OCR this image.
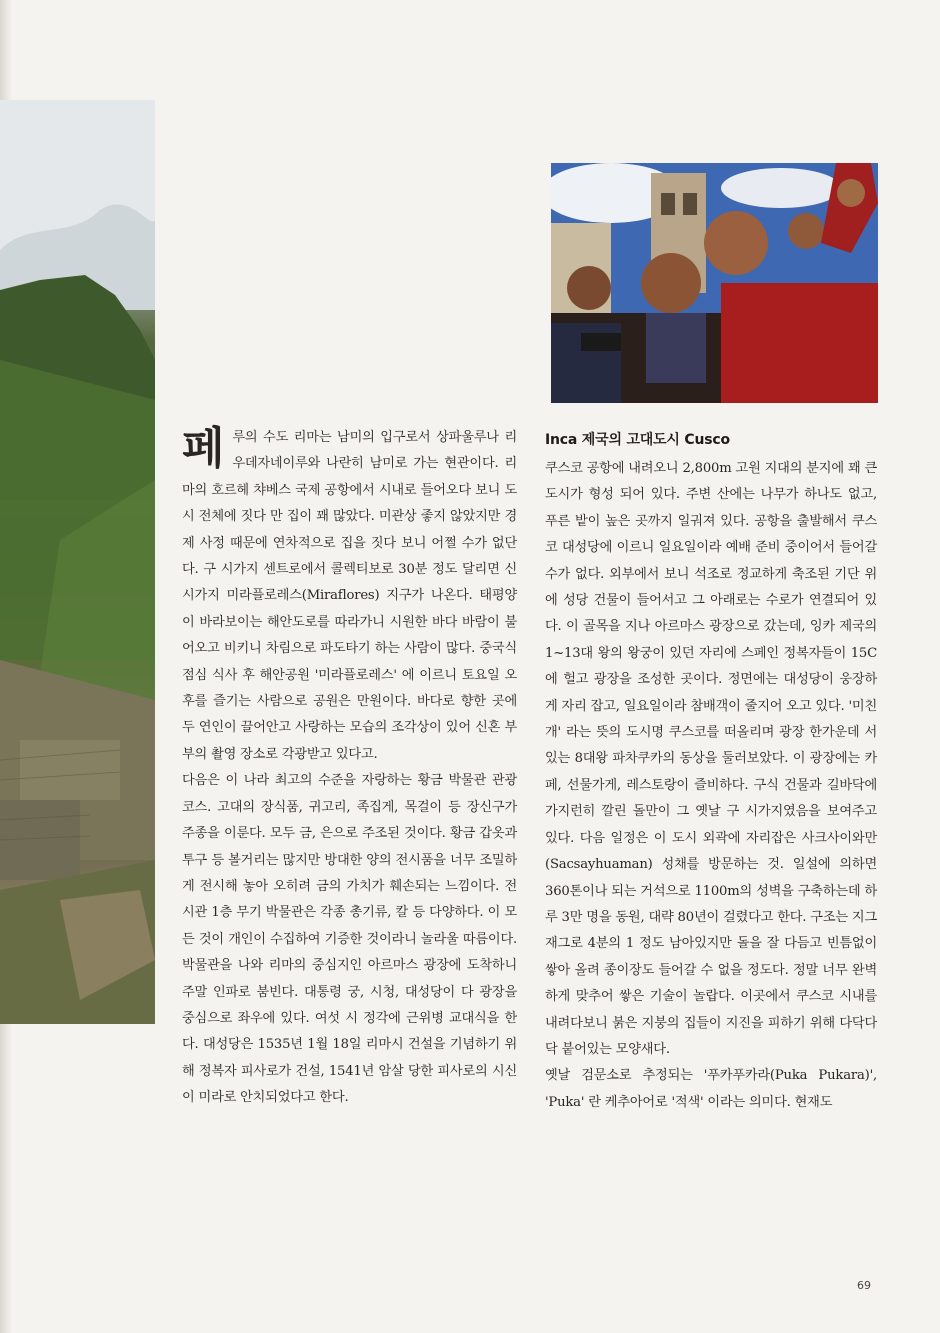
페루의 수도 리마는 남미의 입구로서 상파울루나 리우데자네이루와 나란히 남미로 가는 현관이다. 리마의 호르헤 챠베스 국제 공항에서 시내로 들어오다 보니 도시 전체에 짓다 만 집이 꽤 많았다. 미관상 좋지 않았지만 경제 사정 때문에 연차적으로 집을 짓다 보니 어쩔 수가 없단다. 구 시가지 센트로에서 콜렉티보로 30분 정도 달리면 신시가지 미라플로레스(Miraflores) 지구가 나온다. 태평양이 바라보이는 해안도로를 따라가니 시원한 바다 바람이 불어오고 비키니 차림으로 파도타기 하는 사람이 많다. 중국식 점심 식사 후 해안공원 '미라플로레스' 에 이르니 토요일 오후를 즐기는 사람으로 공원은 만원이다. 바다로 향한 곳에 두 연인이 끌어안고 사랑하는 모습의 조각상이 있어 신혼 부부의 촬영 장소로 각광받고 있다고.

다음은 이 나라 최고의 수준을 자랑하는 황금 박물관 관광 코스. 고대의 장식품, 귀고리, 족집게, 목걸이 등 장신구가 주종을 이룬다. 모두 금, 은으로 주조된 것이다. 황금 갑옷과 투구 등 볼거리는 많지만 방대한 양의 전시품을 너무 조밀하게 전시해 놓아 오히려 금의 가치가 훼손되는 느낌이다. 전시관 1층 무기 박물관은 각종 총기류, 칼 등 다양하다. 이 모든 것이 개인이 수집하여 기증한 것이라니 놀라울 따름이다. 박물관을 나와 리마의 중심지인 아르마스 광장에 도착하니 주말 인파로 붐빈다. 대통령 궁, 시청, 대성당이 다 광장을 중심으로 좌우에 있다. 여섯 시 정각에 근위병 교대식을 한다. 대성당은 1535년 1월 18일 리마시 건설을 기념하기 위해 정복자 피사로가 건설, 1541년 암살 당한 피사로의 시신이 미라로 안치되었다고 한다.

Inca 제국의 고대도시 Cusco

쿠스코 공항에 내려오니 2,800m 고원 지대의 분지에 꽤 큰 도시가 형성 되어 있다. 주변 산에는 나무가 하나도 없고, 푸른 밭이 높은 곳까지 일궈져 있다. 공항을 출발해서 쿠스코 대성당에 이르니 일요일이라 예배 준비 중이어서 들어갈 수가 없다. 외부에서 보니 석조로 정교하게 축조된 기단 위에 성당 건물이 들어서고 그 아래로는 수로가 연결되어 있다. 이 골목을 지나 아르마스 광장으로 갔는데, 잉카 제국의 1~13대 왕의 왕궁이 있던 자리에 스페인 정복자들이 15C에 헐고 광장을 조성한 곳이다. 정면에는 대성당이 웅장하게 자리 잡고, 일요일이라 참배객이 줄지어 오고 있다. '미친 개' 라는 뜻의 도시명 쿠스코를 떠올리며 광장 한가운데 서있는 8대왕 파차쿠카의 동상을 둘러보았다. 이 광장에는 카페, 선물가게, 레스토랑이 즐비하다. 구식 건물과 길바닥에 가지런히 깔린 돌만이 그 옛날 구 시가지였음을 보여주고 있다. 다음 일정은 이 도시 외곽에 자리잡은 사크사이와만(Sacsayhuaman) 성채를 방문하는 것. 일설에 의하면 360톤이나 되는 거석으로 1100m의 성벽을 구축하는데 하루 3만 명을 동원, 대략 80년이 걸렸다고 한다. 구조는 지그재그로 4분의 1 정도 남아있지만 돌을 잘 다듬고 빈틈없이 쌓아 올려 종이장도 들어갈 수 없을 정도다. 정말 너무 완벽하게 맞추어 쌓은 기술이 놀랍다. 이곳에서 쿠스코 시내를 내려다보니 붉은 지붕의 집들이 지진을 피하기 위해 다닥다닥 붙어있는 모양새다.

옛날 검문소로 추정되는 '푸카푸카라(Puka Pukara)', 'Puka' 란 케추아어로 '적색' 이라는 의미다. 현재도

69
